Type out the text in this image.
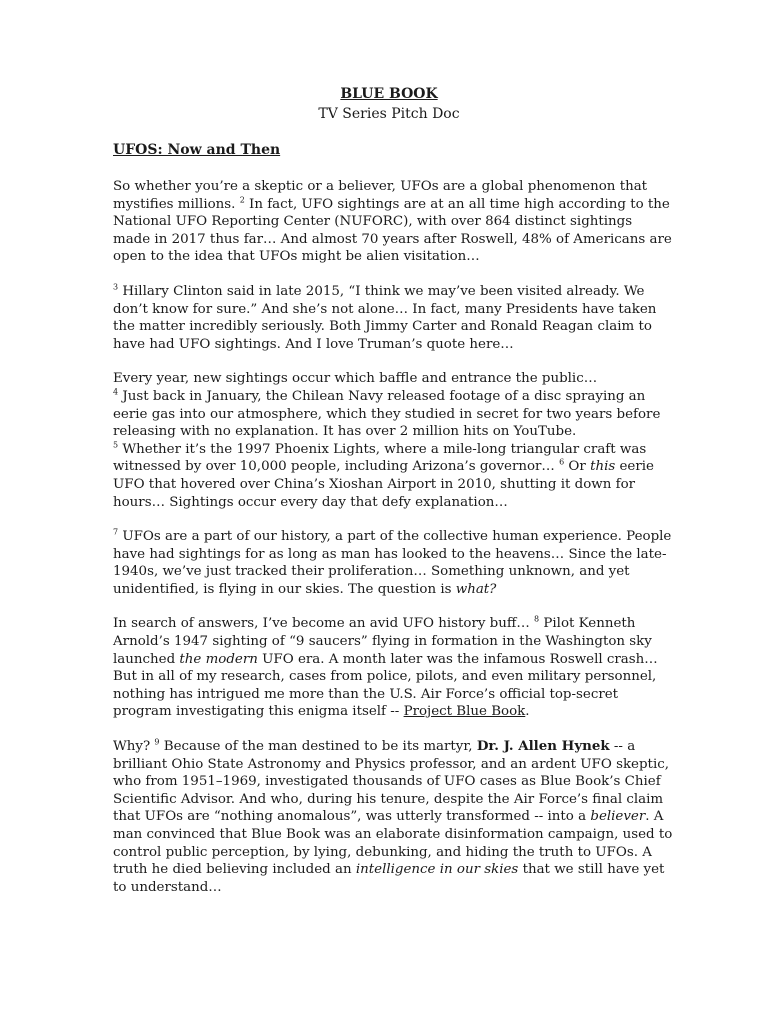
BLUE BOOK
TV Series Pitch Doc
UFOS: Now and Then

So whether you’re a skeptic or a believer, UFOs are a global phenomenon that mystifies millions. $^2$ In fact, UFO sightings are at an all time high according to the National UFO Reporting Center (NUFORC), with over 864 distinct sightings made in 2017 thus far… And almost 70 years after Roswell, 48% of Americans are open to the idea that UFOs might be alien visitation…

$^3$ Hillary Clinton said in late 2015, “I think we may’ve been visited already. We don’t know for sure.” And she’s not alone… In fact, many Presidents have taken the matter incredibly seriously. Both Jimmy Carter and Ronald Reagan claim to have had UFO sightings. And I love Truman’s quote here…

Every year, new sightings occur which baffle and entrance the public…
$^4$ Just back in January, the Chilean Navy released footage of a disc spraying an eerie gas into our atmosphere, which they studied in secret for two years before releasing with no explanation. It has over 2 million hits on YouTube.
$^5$ Whether it’s the 1997 Phoenix Lights, where a mile-long triangular craft was witnessed by over 10,000 people, including Arizona’s governor… $^6$ Or this eerie UFO that hovered over China’s Xioshan Airport in 2010, shutting it down for hours… Sightings occur every day that defy explanation…

$^7$ UFOs are a part of our history, a part of the collective human experience. People have had sightings for as long as man has looked to the heavens… Since the late-1940s, we’ve just tracked their proliferation… Something unknown, and yet unidentified, is flying in our skies. The question is what?

In search of answers, I’ve become an avid UFO history buff… $^8$ Pilot Kenneth Arnold’s 1947 sighting of “9 saucers” flying in formation in the Washington sky launched the modern UFO era. A month later was the infamous Roswell crash… But in all of my research, cases from police, pilots, and even military personnel, nothing has intrigued me more than the U.S. Air Force’s official top-secret program investigating this enigma itself -- Project Blue Book.

Why? $^9$ Because of the man destined to be its martyr, Dr. J. Allen Hynek -- a brilliant Ohio State Astronomy and Physics professor, and an ardent UFO skeptic, who from 1951–1969, investigated thousands of UFO cases as Blue Book’s Chief Scientific Advisor. And who, during his tenure, despite the Air Force’s final claim that UFOs are “nothing anomalous”, was utterly transformed -- into a believer. A man convinced that Blue Book was an elaborate disinformation campaign, used to control public perception, by lying, debunking, and hiding the truth to UFOs. A truth he died believing included an intelligence in our skies that we still have yet to understand…
